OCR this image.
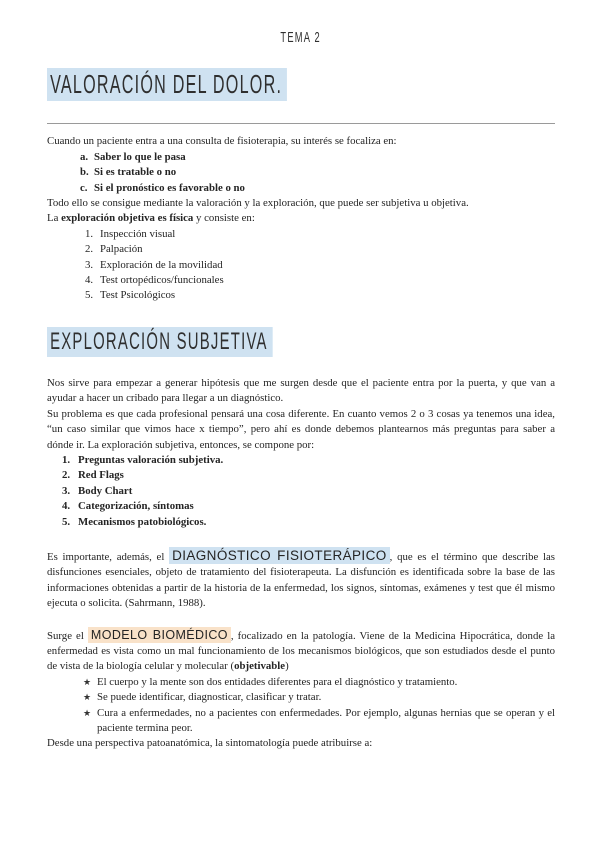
TEMA 2
VALORACIÓN DEL DOLOR.

Cuando un paciente entra a una consulta de fisioterapia, su interés se focaliza en:

a. Saber lo que le pasa
b. Si es tratable o no
c. Si el pronóstico es favorable o no

Todo ello se consigue mediante la valoración y la exploración, que puede ser subjetiva u objetiva.

La exploración objetiva es física y consiste en:

1. Inspección visual
2. Palpación
3. Exploración de la movilidad
4. Test ortopédicos/funcionales
5. Test Psicológicos
EXPLORACIÓN SUBJETIVA

Nos sirve para empezar a generar hipótesis que me surgen desde que el paciente entra por la puerta, y que van a ayudar a hacer un cribado para llegar a un diagnóstico.

Su problema es que cada profesional pensará una cosa diferente. En cuanto vemos 2 o 3 cosas ya tenemos una idea, “un caso similar que vimos hace x tiempo”, pero ahí es donde debemos plantearnos más preguntas para saber a dónde ir. La exploración subjetiva, entonces, se compone por:

1. Preguntas valoración subjetiva.
2. Red Flags
3. Body Chart
4. Categorización, síntomas
5. Mecanismos patobiológicos.

Es importante, además, el DIAGNÓSTICO FISIOTERÁPICO , que es el término que describe las disfunciones esenciales, objeto de tratamiento del fisioterapeuta. La disfunción es identificada sobre la base de las informaciones obtenidas a partir de la historia de la enfermedad, los signos, síntomas, exámenes y test que él mismo ejecuta o solicita. (Sahrmann, 1988).

Surge el MODELO BIOMÉDICO , focalizado en la patología. Viene de la Medicina Hipocrática, donde la enfermedad es vista como un mal funcionamiento de los mecanismos biológicos, que son estudiados desde el punto de vista de la biología celular y molecular (objetivable)

★ El cuerpo y la mente son dos entidades diferentes para el diagnóstico y tratamiento.
★ Se puede identificar, diagnosticar, clasificar y tratar.
★ Cura a enfermedades, no a pacientes con enfermedades. Por ejemplo, algunas hernias que se operan y el paciente termina peor.

Desde una perspectiva patoanatómica, la sintomatología puede atribuirse a:
